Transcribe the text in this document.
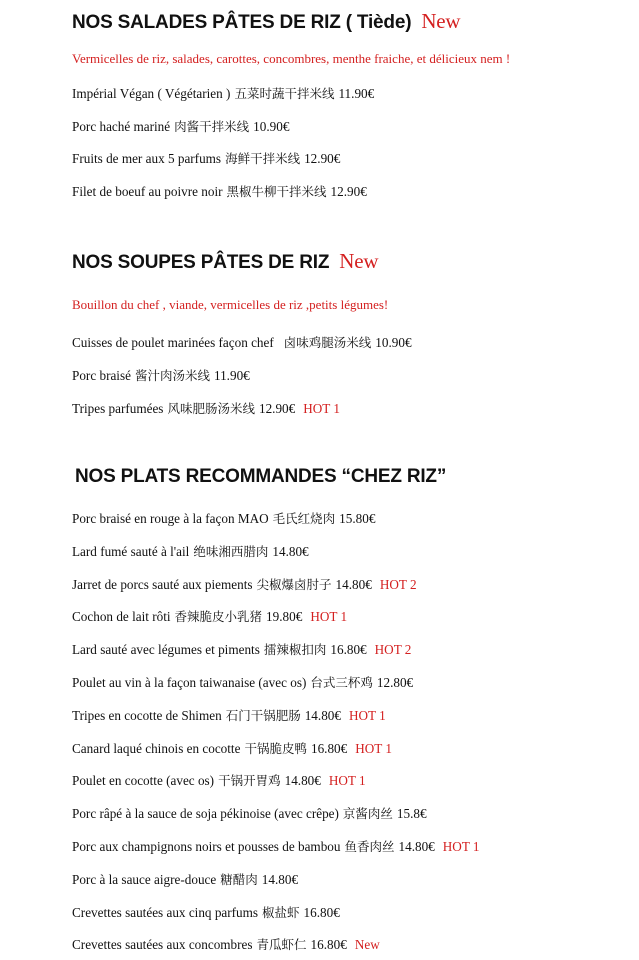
NOS SALADES PÂTES DE RIZ ( Tiède) New
Vermicelles de riz, salades, carottes, concombres, menthe fraiche, et délicieux nem !
Impérial Végan ( Végétarien ) 五菜时蔬干拌米线 11.90€
Porc haché mariné 肉酱干拌米线 10.90€
Fruits de mer aux 5 parfums 海鲜干拌米线 12.90€
Filet de boeuf au poivre noir 黑椒牛柳干拌米线 12.90€
NOS SOUPES PÂTES DE RIZ New
Bouillon du chef , viande, vermicelles de riz ,petits légumes!
Cuisses de poulet marinées façon chef 卤味鸡腿汤米线 10.90€
Porc braisé 酱汁肉汤米线 11.90€
Tripes parfumées 风味肥肠汤米线 12.90€ HOT 1
NOS PLATS RECOMMANDES “CHEZ RIZ”
Porc braisé en rouge à la façon MAO 毛氏红烧肉 15.80€
Lard fumé sauté à l'ail 绝味湘西腊肉 14.80€
Jarret de porcs sauté aux piements 尖椒爆卤肘子 14.80€ HOT 2
Cochon de lait rôti 香辣脆皮小乳猪 19.80€ HOT 1
Lard sauté avec légumes et piments 擂辣椒扣肉 16.80€ HOT 2
Poulet au vin à la façon taiwanaise (avec os) 台式三杯鸡 12.80€
Tripes en cocotte de Shimen 石门干锅肥肠 14.80€ HOT 1
Canard laqué chinois en cocotte 干锅脆皮鸭 16.80€ HOT 1
Poulet en cocotte (avec os) 干锅开胃鸡 14.80€ HOT 1
Porc râpé à la sauce de soja pékinoise (avec crêpe) 京酱肉丝 15.8€
Porc aux champignons noirs et pousses de bambou 鱼香肉丝 14.80€ HOT 1
Porc à la sauce aigre-douce 糖醋肉 14.80€
Crevettes sautées aux cinq parfums 椒盐虾 16.80€
Crevettes sautées aux concombres 青瓜虾仁 16.80€ New
